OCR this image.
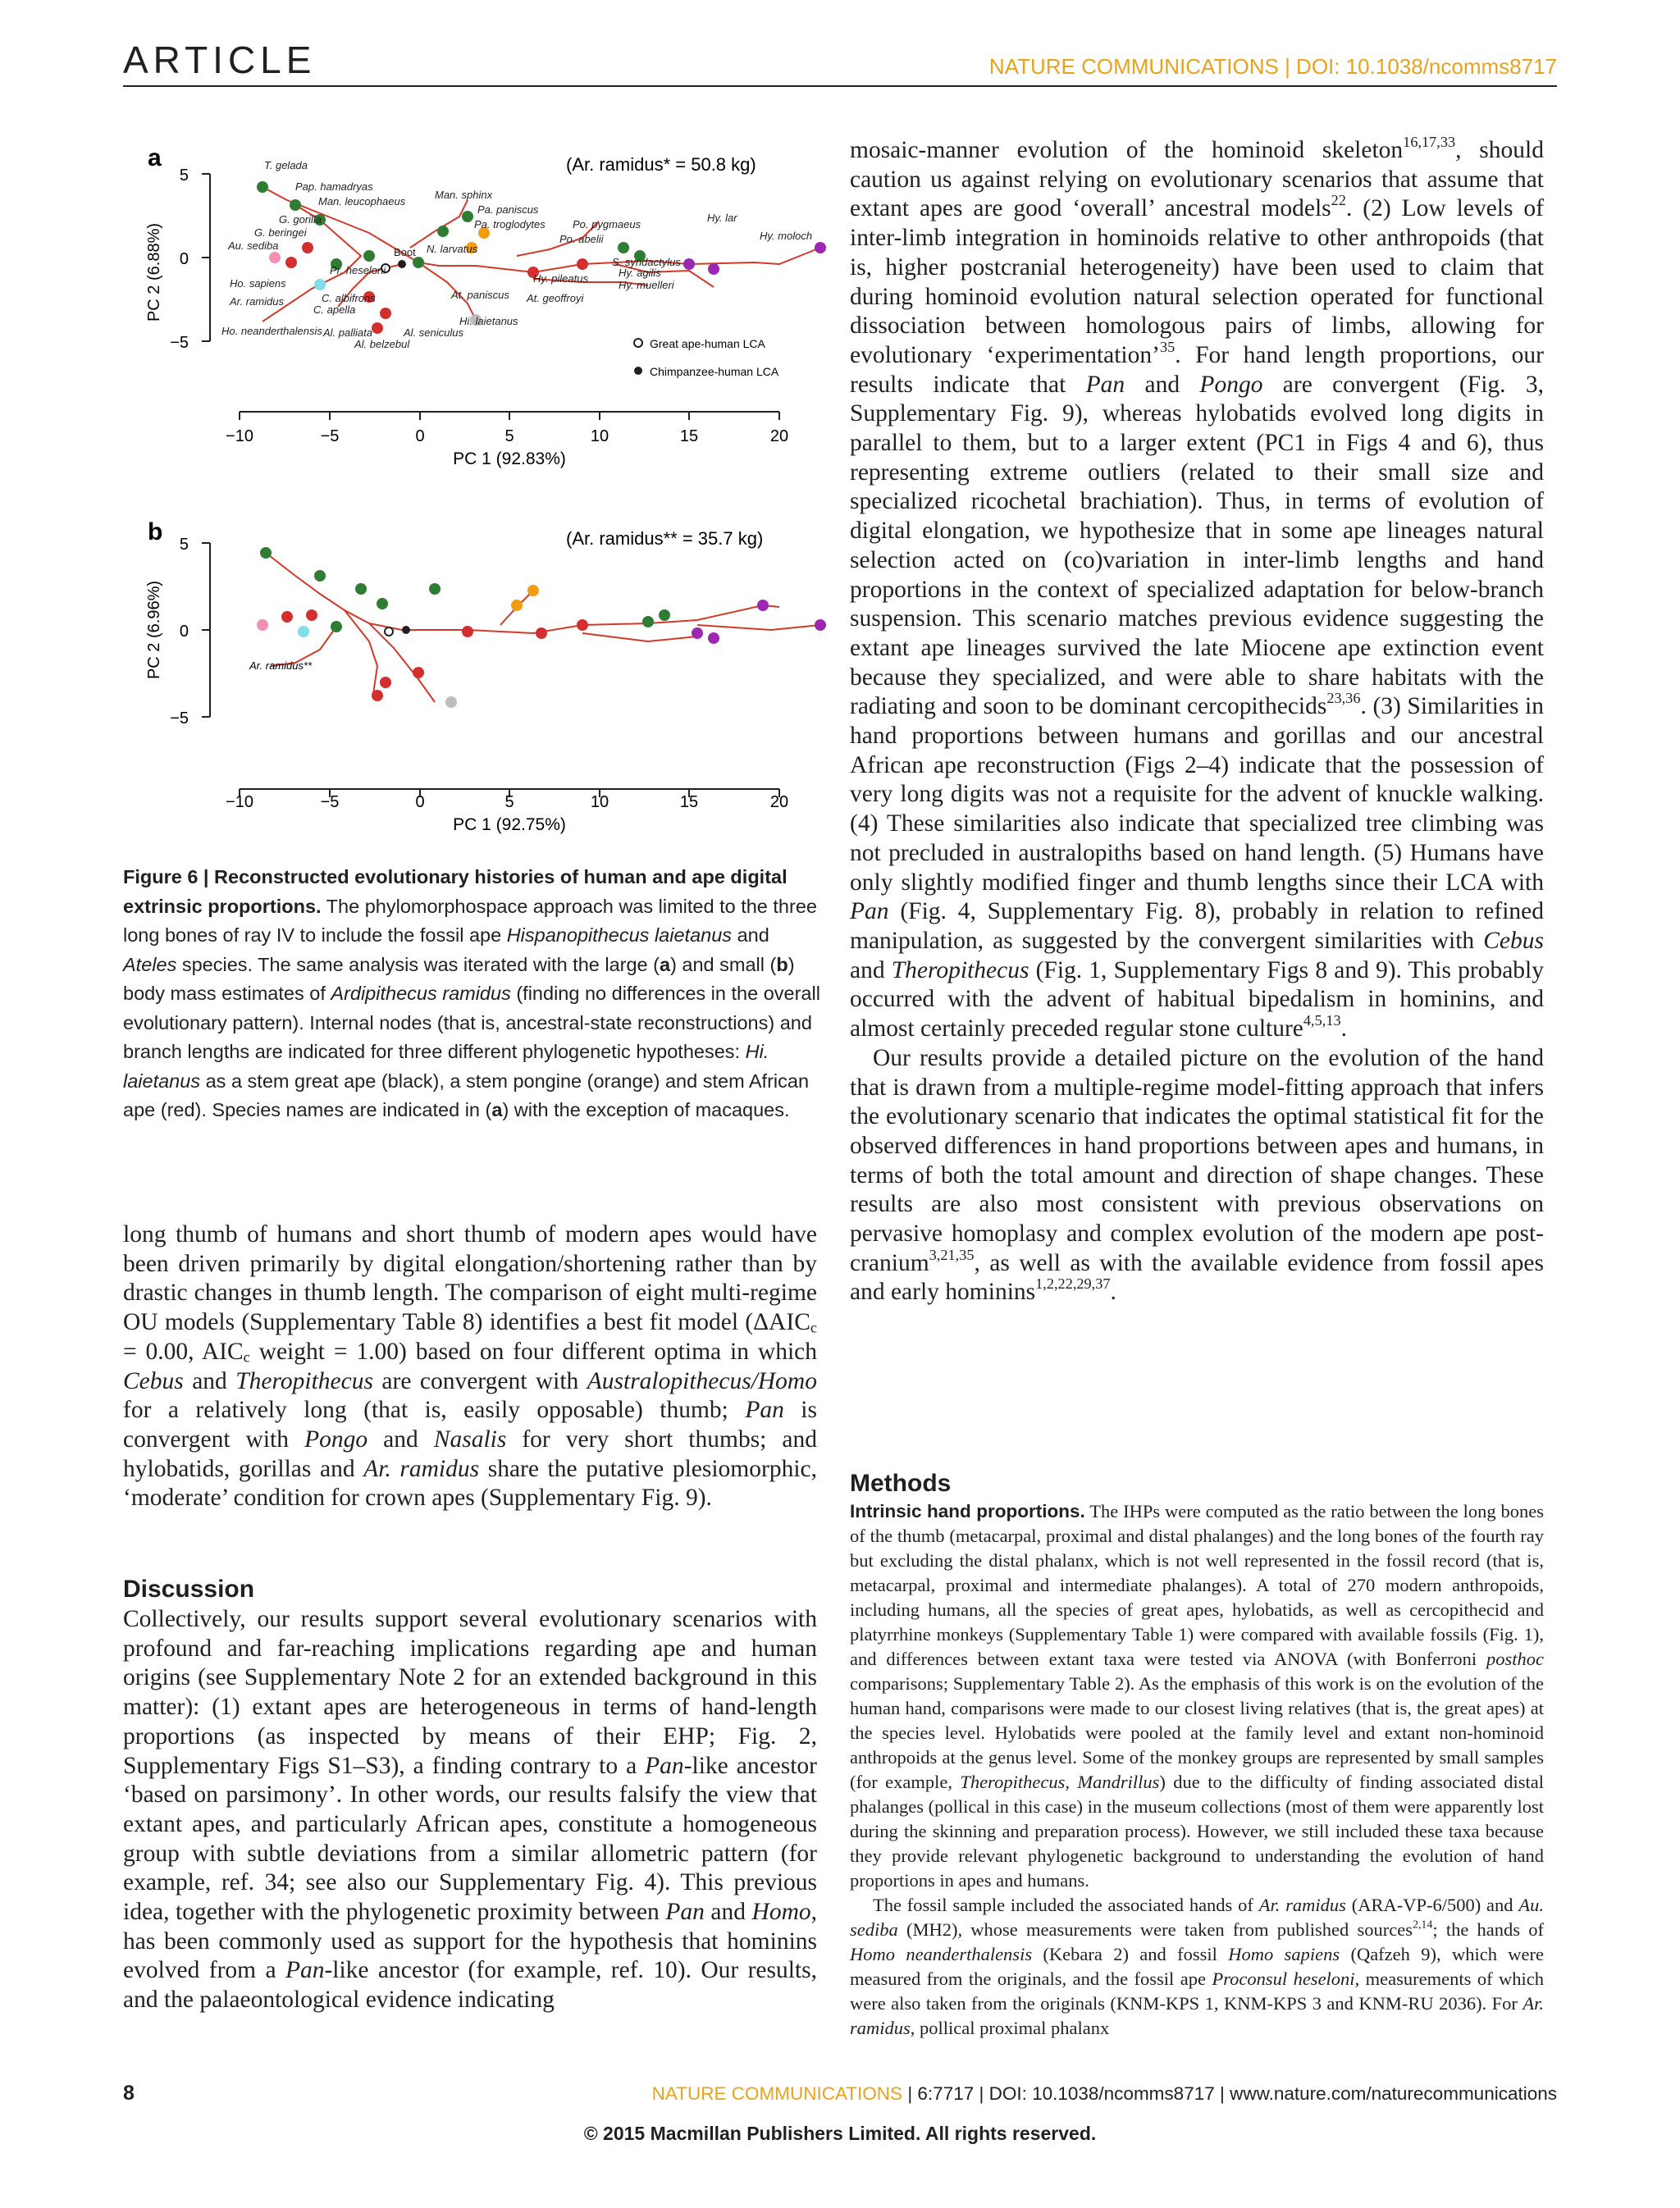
ARTICLE	NATURE COMMUNICATIONS | DOI: 10.1038/ncomms8717
a	(Ar. ramidus* = 50.8 kg)
PC 2 (6.88%)
5
0
−5
T. gelada
Pap. hamadryas
Man. leucophaeus
G. gorilla
G. beringei
Au. sediba
Boot N. larvatus
Man. sphinx
Pa. paniscus
Pa. troglodytes	Po. pygmaeus
Po. abelii
Hy. lar
Hy. moloch
Ho. sapiens
Pr. heseloni
Hy. pileatus
S. syndactylus
Hy. agilis
Hy. muelleri
Ar. ramidus	C. albifrons
C. apella
At. paniscus At. geoffroyi
Hi. laietanus
Ho. neanderthalensis Al. palliata	Al. seniculus
Al. belzebul	Great ape-human LCA
Chimpanzee-human LCA
−10	−5	0	5	10	15	20
PC 1 (92.83%)
b	(Ar. ramidus** = 35.7 kg)
PC 2 (6.96%)
5
0
−5
Ar. ramidus**
−10	−5	0	5	10	15	20
PC 1 (92.75%)
Figure 6 | Reconstructed evolutionary histories of human and ape digital extrinsic proportions. The phylomorphospace approach was limited to the three long bones of ray IV to include the fossil ape Hispanopithecus laietanus and Ateles species. The same analysis was iterated with the large (a) and small (b) body mass estimates of Ardipithecus ramidus (finding no differences in the overall evolutionary pattern). Internal nodes (that is, ancestral-state reconstructions) and branch lengths are indicated for three different phylogenetic hypotheses: Hi. laietanus as a stem great ape (black), a stem pongine (orange) and stem African ape (red). Species names are indicated in (a) with the exception of macaques.

long thumb of humans and short thumb of modern apes would have been driven primarily by digital elongation/shortening rather than by drastic changes in thumb length. The comparison of eight multi-regime OU models (Supplementary Table 8) identifies a best fit model ($\Delta AIC_c = 0.00$, $AIC_c$ weight = 1.00) based on four different optima in which Cebus and Theropithecus are convergent with Australopithecus/Homo for a relatively long (that is, easily opposable) thumb; Pan is convergent with Pongo and Nasalis for very short thumbs; and hylobatids, gorillas and Ar. ramidus share the putative plesiomorphic, ‘moderate’ condition for crown apes (Supplementary Fig. 9).

Discussion

Collectively, our results support several evolutionary scenarios with profound and far-reaching implications regarding ape and human origins (see Supplementary Note 2 for an extended background in this matter): (1) extant apes are heterogeneous in terms of hand-length proportions (as inspected by means of their EHP; Fig. 2, Supplementary Figs S1–S3), a finding contrary to a Pan-like ancestor ‘based on parsimony’. In other words, our results falsify the view that extant apes, and particularly African apes, constitute a homogeneous group with subtle deviations from a similar allometric pattern (for example, ref. 34; see also our Supplementary Fig. 4). This previous idea, together with the phylogenetic proximity between Pan and Homo, has been commonly used as support for the hypothesis that hominins evolved from a Pan-like ancestor (for example, ref. 10). Our results, and the palaeontological evidence indicating

mosaic-manner evolution of the hominoid skeleton$^{16,17,33}$, should caution us against relying on evolutionary scenarios that assume that extant apes are good ‘overall’ ancestral models$^{22}$. (2) Low levels of inter-limb integration in hominoids relative to other anthropoids (that is, higher postcranial heterogeneity) have been used to claim that during hominoid evolution natural selection operated for functional dissociation between homologous pairs of limbs, allowing for evolutionary ‘experimentation’$^{35}$. For hand length proportions, our results indicate that Pan and Pongo are convergent (Fig. 3, Supplementary Fig. 9), whereas hylobatids evolved long digits in parallel to them, but to a larger extent (PC1 in Figs 4 and 6), thus representing extreme outliers (related to their small size and specialized ricochetal brachiation). Thus, in terms of evolution of digital elongation, we hypothesize that in some ape lineages natural selection acted on (co)variation in inter-limb lengths and hand proportions in the context of specialized adaptation for below-branch suspension. This scenario matches previous evidence suggesting the extant ape lineages survived the late Miocene ape extinction event because they specialized, and were able to share habitats with the radiating and soon to be dominant cercopithecids$^{23,36}$. (3) Similarities in hand proportions between humans and gorillas and our ancestral African ape reconstruction (Figs 2–4) indicate that the possession of very long digits was not a requisite for the advent of knuckle walking. (4) These similarities also indicate that specialized tree climbing was not precluded in australopiths based on hand length. (5) Humans have only slightly modified finger and thumb lengths since their LCA with Pan (Fig. 4, Supplementary Fig. 8), probably in relation to refined manipulation, as suggested by the convergent similarities with Cebus and Theropithecus (Fig. 1, Supplementary Figs 8 and 9). This probably occurred with the advent of habitual bipedalism in hominins, and almost certainly preceded regular stone culture$^{4,5,13}$.

Our results provide a detailed picture on the evolution of the hand that is drawn from a multiple-regime model-fitting approach that infers the evolutionary scenario that indicates the optimal statistical fit for the observed differences in hand proportions between apes and humans, in terms of both the total amount and direction of shape changes. These results are also most consistent with previous observations on pervasive homoplasy and complex evolution of the modern ape post-cranium$^{3,21,35}$, as well as with the available evidence from fossil apes and early hominins$^{1,2,22,29,37}$.

Methods

Intrinsic hand proportions. The IHPs were computed as the ratio between the long bones of the thumb (metacarpal, proximal and distal phalanges) and the long bones of the fourth ray but excluding the distal phalanx, which is not well represented in the fossil record (that is, metacarpal, proximal and intermediate phalanges). A total of 270 modern anthropoids, including humans, all the species of great apes, hylobatids, as well as cercopithecid and platyrrhine monkeys (Supplementary Table 1) were compared with available fossils (Fig. 1), and differences between extant taxa were tested via ANOVA (with Bonferroni posthoc comparisons; Supplementary Table 2). As the emphasis of this work is on the evolution of the human hand, comparisons were made to our closest living relatives (that is, the great apes) at the species level. Hylobatids were pooled at the family level and extant non-hominoid anthropoids at the genus level. Some of the monkey groups are represented by small samples (for example, Theropithecus, Mandrillus) due to the difficulty of finding associated distal phalanges (pollical in this case) in the museum collections (most of them were apparently lost during the skinning and preparation process). However, we still included these taxa because they provide relevant phylogenetic background to understanding the evolution of hand proportions in apes and humans.

The fossil sample included the associated hands of Ar. ramidus (ARA-VP-6/500) and Au. sediba (MH2), whose measurements were taken from published sources$^{2,14}$; the hands of Homo neanderthalensis (Kebara 2) and fossil Homo sapiens (Qafzeh 9), which were measured from the originals, and the fossil ape Proconsul heseloni, measurements of which were also taken from the originals (KNM-KPS 1, KNM-KPS 3 and KNM-RU 2036). For Ar. ramidus, pollical proximal phalanx

8	NATURE COMMUNICATIONS | 6:7717 | DOI: 10.1038/ncomms8717 | www.nature.com/naturecommunications
© 2015 Macmillan Publishers Limited. All rights reserved.
